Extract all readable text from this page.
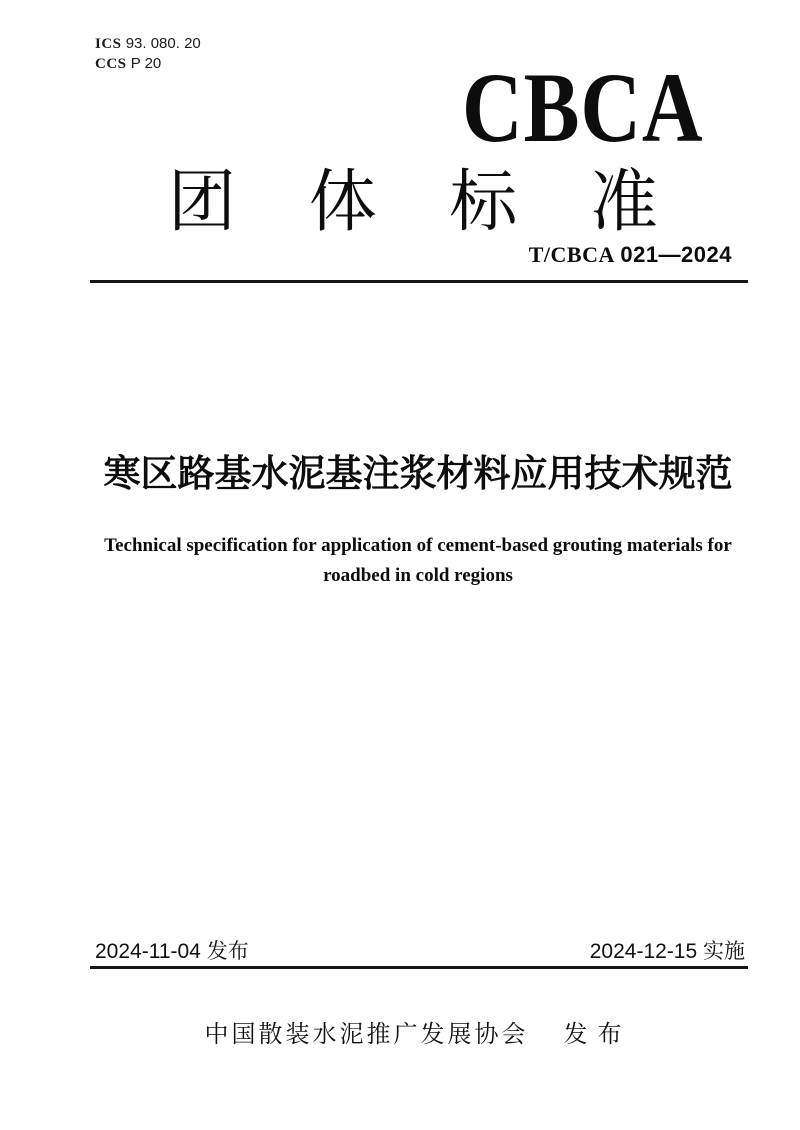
ICS 93. 080. 20
CCS P 20	CBCA
团 体 标 准
T/CBCA 021—2024
寒区路基水泥基注浆材料应用技术规范
Technical specification for application of cement-based grouting materials for
roadbed in cold regions
2024-11-04 发布	2024-12-15 实施
中国散装水泥推广发展协会 发布
